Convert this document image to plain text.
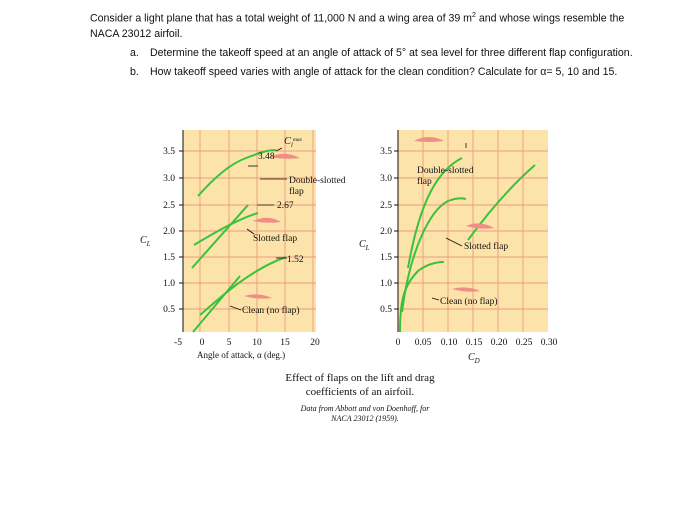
Consider a light plane that has a total weight of 11,000 N and a wing area of 39 $m^2$ and whose wings resemble the NACA 23012 airfoil.

a. Determine the takeoff speed at an angle of attack of 5° at sea level for three different flap configuration.
b. How takeoff speed varies with angle of attack for the clean condition? Calculate for α= 5, 10 and 15.
3.5
3.0
2.5
2.0
1.5
1.0
0.5
$C_L$
-5 0 5 10 15 20
Angle of attack, α (deg.)
$C_l^{max}$
3.48
Double-slotted
flap
2.67
Slotted flap
1.52
Clean (no flap)
3.5
3.0
2.5
2.0
1.5
1.0
0.5
$C_L$
0 0.05 0.10 0.15 0.20 0.25 0.30
$C_D$
Double-slotted
flap
Slotted flap
Clean (no flap)
Effect of flaps on the lift and drag
coefficients of an airfoil.
Data from Abbott and von Doenhoff, for
NACA 23012 (1959).
